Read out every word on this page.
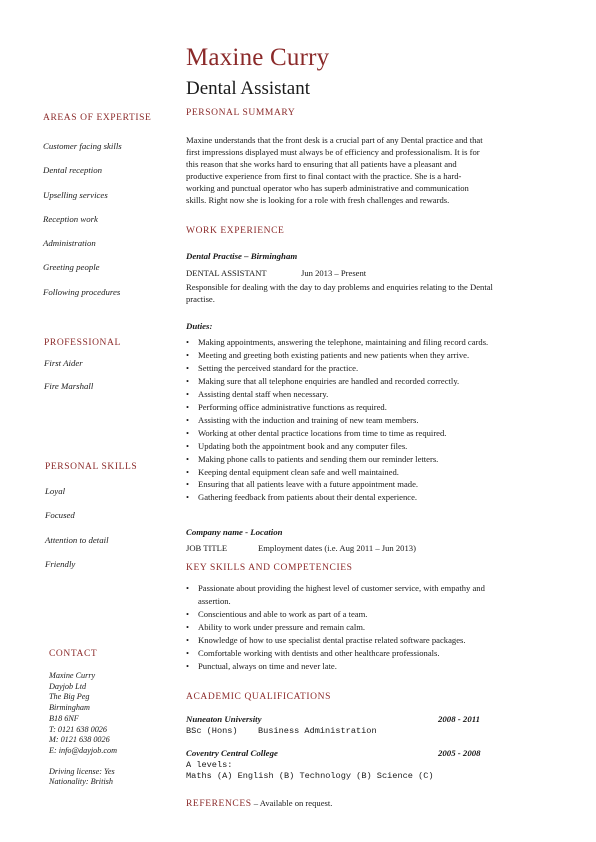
Maxine Curry
Dental Assistant
AREAS OF EXPERTISE
Customer facing skills
Dental reception
Upselling services
Reception work
Administration
Greeting people
Following procedures
PROFESSIONAL
First Aider
Fire Marshall
PERSONAL SKILLS
Loyal
Focused
Attention to detail
Friendly
CONTACT
Maxine Curry
Dayjob Ltd
The Big Peg
Birmingham
B18 6NF
T: 0121 638 0026
M: 0121 638 0026
E: info@dayjob.com
Driving license: Yes
Nationality: British
PERSONAL SUMMARY
Maxine understands that the front desk is a crucial part of any Dental practice and that
first impressions displayed must always be of efficiency and professionalism. It is for
this reason that she works hard to ensuring that all patients have a pleasant and
productive experience from first to final contact with the practice. She is a hard-
working and punctual operator who has superb administrative and communication
skills. Right now she is looking for a role with fresh challenges and rewards.
WORK EXPERIENCE
Dental Practise – Birmingham
DENTAL ASSISTANT	Jun 2013 – Present
Responsible for dealing with the day to day problems and enquiries relating to the Dental
practise.
Duties:
• Making appointments, answering the telephone, maintaining and filing record cards.
• Meeting and greeting both existing patients and new patients when they arrive.
• Setting the perceived standard for the practice.
• Making sure that all telephone enquiries are handled and recorded correctly.
• Assisting dental staff when necessary.
• Performing office administrative functions as required.
• Assisting with the induction and training of new team members.
• Working at other dental practice locations from time to time as required.
• Updating both the appointment book and any computer files.
• Making phone calls to patients and sending them our reminder letters.
• Keeping dental equipment clean safe and well maintained.
• Ensuring that all patients leave with a future appointment made.
• Gathering feedback from patients about their dental experience.
Company name - Location
JOB TITLE	Employment dates (i.e. Aug 2011 – Jun 2013)
KEY SKILLS AND COMPETENCIES
• Passionate about providing the highest level of customer service, with empathy and
assertion.
• Conscientious and able to work as part of a team.
• Ability to work under pressure and remain calm.
• Knowledge of how to use specialist dental practise related software packages.
• Comfortable working with dentists and other healthcare professionals.
• Punctual, always on time and never late.
ACADEMIC QUALIFICATIONS
Nuneaton University	2008 - 2011
BSc (Hons) Business Administration
Coventry Central College	2005 - 2008
A levels:
Maths (A) English (B) Technology (B) Science (C)
REFERENCES – Available on request.
